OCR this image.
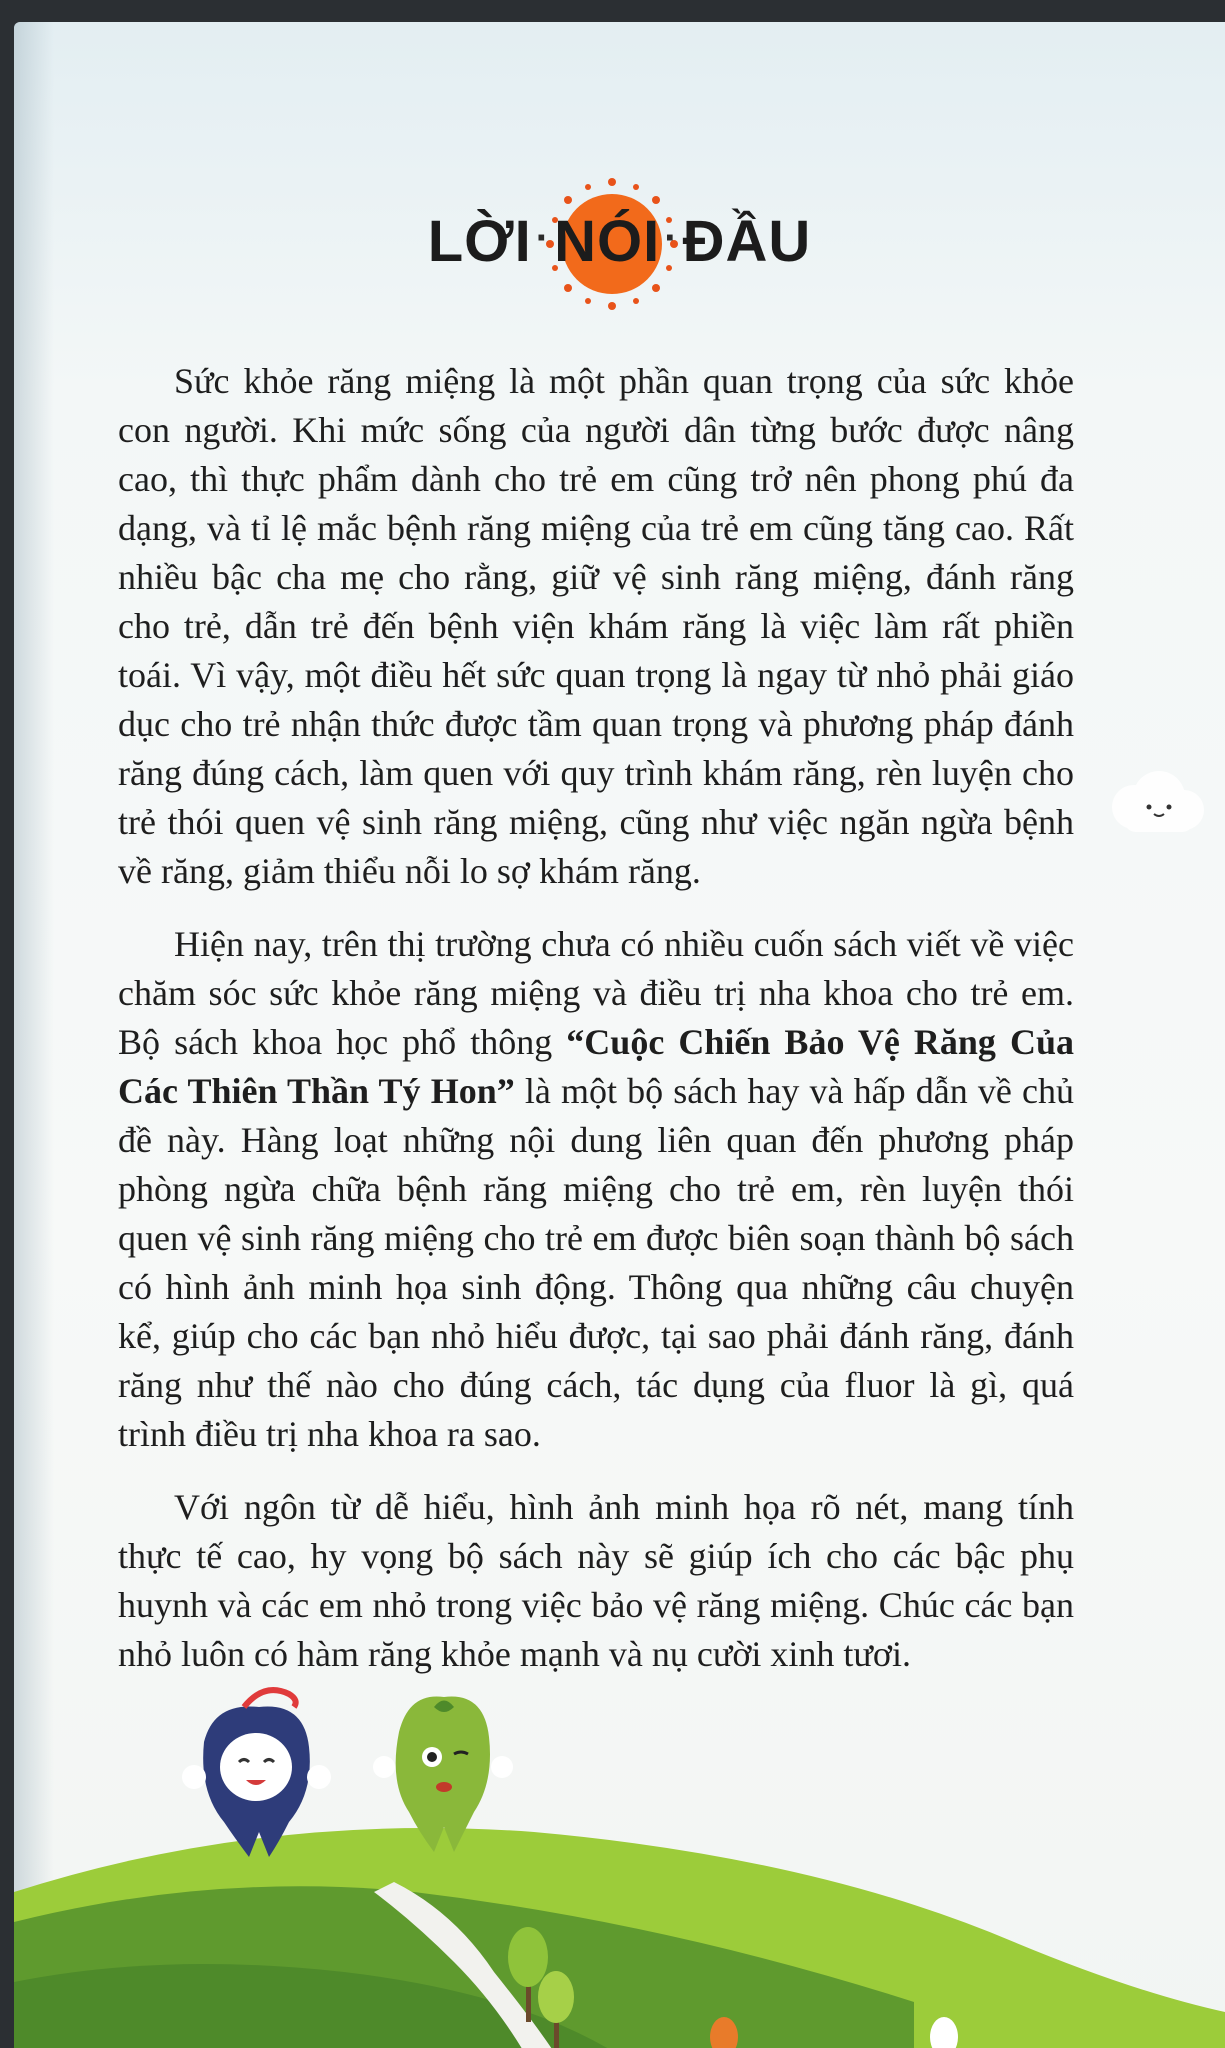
LỜI ·NÓI ·ĐẦU

Sức khỏe răng miệng là một phần quan trọng của sức khỏe con người. Khi mức sống của người dân từng bước được nâng cao, thì thực phẩm dành cho trẻ em cũng trở nên phong phú đa dạng, và tỉ lệ mắc bệnh răng miệng của trẻ em cũng tăng cao. Rất nhiều bậc cha mẹ cho rằng, giữ vệ sinh răng miệng, đánh răng cho trẻ, dẫn trẻ đến bệnh viện khám răng là việc làm rất phiền toái. Vì vậy, một điều hết sức quan trọng là ngay từ nhỏ phải giáo dục cho trẻ nhận thức được tầm quan trọng và phương pháp đánh răng đúng cách, làm quen với quy trình khám răng, rèn luyện cho trẻ thói quen vệ sinh răng miệng, cũng như việc ngăn ngừa bệnh về răng, giảm thiểu nỗi lo sợ khám răng.

Hiện nay, trên thị trường chưa có nhiều cuốn sách viết về việc chăm sóc sức khỏe răng miệng và điều trị nha khoa cho trẻ em. Bộ sách khoa học phổ thông “Cuộc Chiến Bảo Vệ Răng Của Các Thiên Thần Tý Hon” là một bộ sách hay và hấp dẫn về chủ đề này. Hàng loạt những nội dung liên quan đến phương pháp phòng ngừa chữa bệnh răng miệng cho trẻ em, rèn luyện thói quen vệ sinh răng miệng cho trẻ em được biên soạn thành bộ sách có hình ảnh minh họa sinh động. Thông qua những câu chuyện kể, giúp cho các bạn nhỏ hiểu được, tại sao phải đánh răng, đánh răng như thế nào cho đúng cách, tác dụng của fluor là gì, quá trình điều trị nha khoa ra sao.

Với ngôn từ dễ hiểu, hình ảnh minh họa rõ nét, mang tính thực tế cao, hy vọng bộ sách này sẽ giúp ích cho các bậc phụ huynh và các em nhỏ trong việc bảo vệ răng miệng. Chúc các bạn nhỏ luôn có hàm răng khỏe mạnh và nụ cười xinh tươi.
